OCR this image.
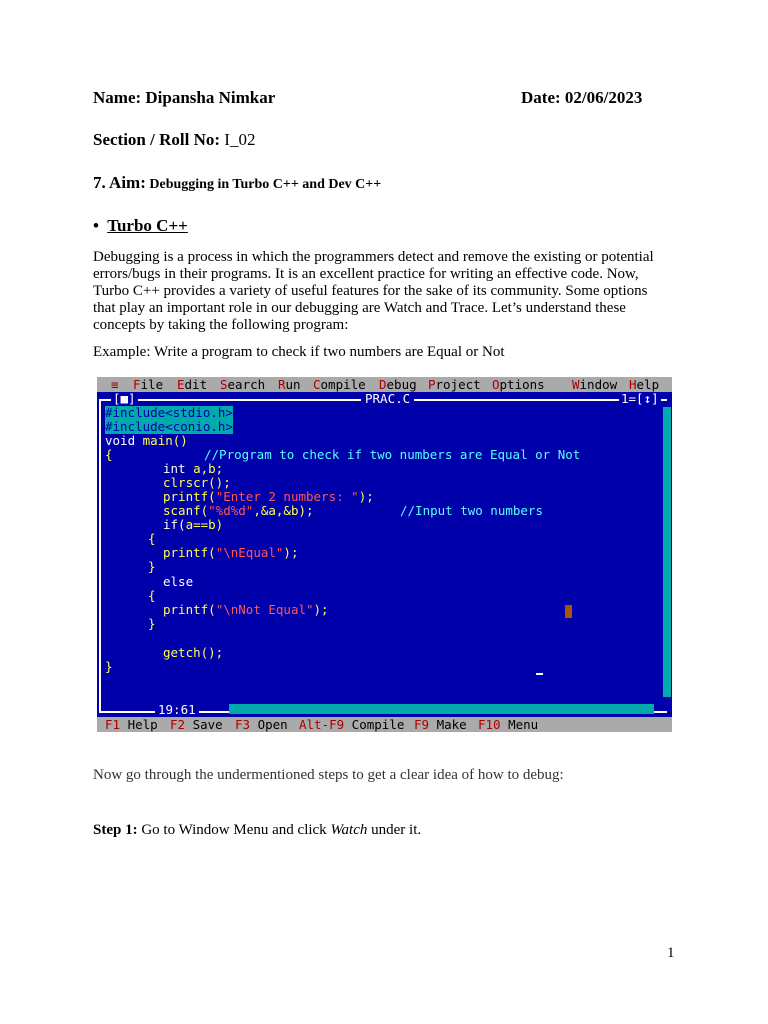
Name: Dipansha Nimkar	Date: 02/06/2023
Section / Roll No: I_02
7. Aim: Debugging in Turbo C++ and Dev C++
• Turbo C++
Debugging is a process in which the programmers detect and remove the existing or potential
errors/bugs in their programs. It is an excellent practice for writing an effective code. Now,
Turbo C++ provides a variety of useful features for the sake of its community. Some options
that play an important role in our debugging are Watch and Trace. Let’s understand these
concepts by taking the following program:
Example: Write a program to check if two numbers are Equal or Not
≡ File Edit Search Run Compile Debug Project Options Window Help
[■]	PRAC.C	1=[↕]
19:61
#include<stdio.h>
#include<conio.h>
void main()
{	//Program to check if two numbers are Equal or Not
int a,b;
clrscr();
printf("Enter 2 numbers: ");
scanf("%d%d",&a,&b);	//Input two numbers
if(a==b)
{
printf("\nEqual");
}
else
{
printf("\nNot Equal");
}
getch();
}
F1 Help F2 Save F3 Open Alt-F9 Compile F9 Make F10 Menu
Now go through the undermentioned steps to get a clear idea of how to debug:
Step 1: Go to Window Menu and click Watch under it.
1
